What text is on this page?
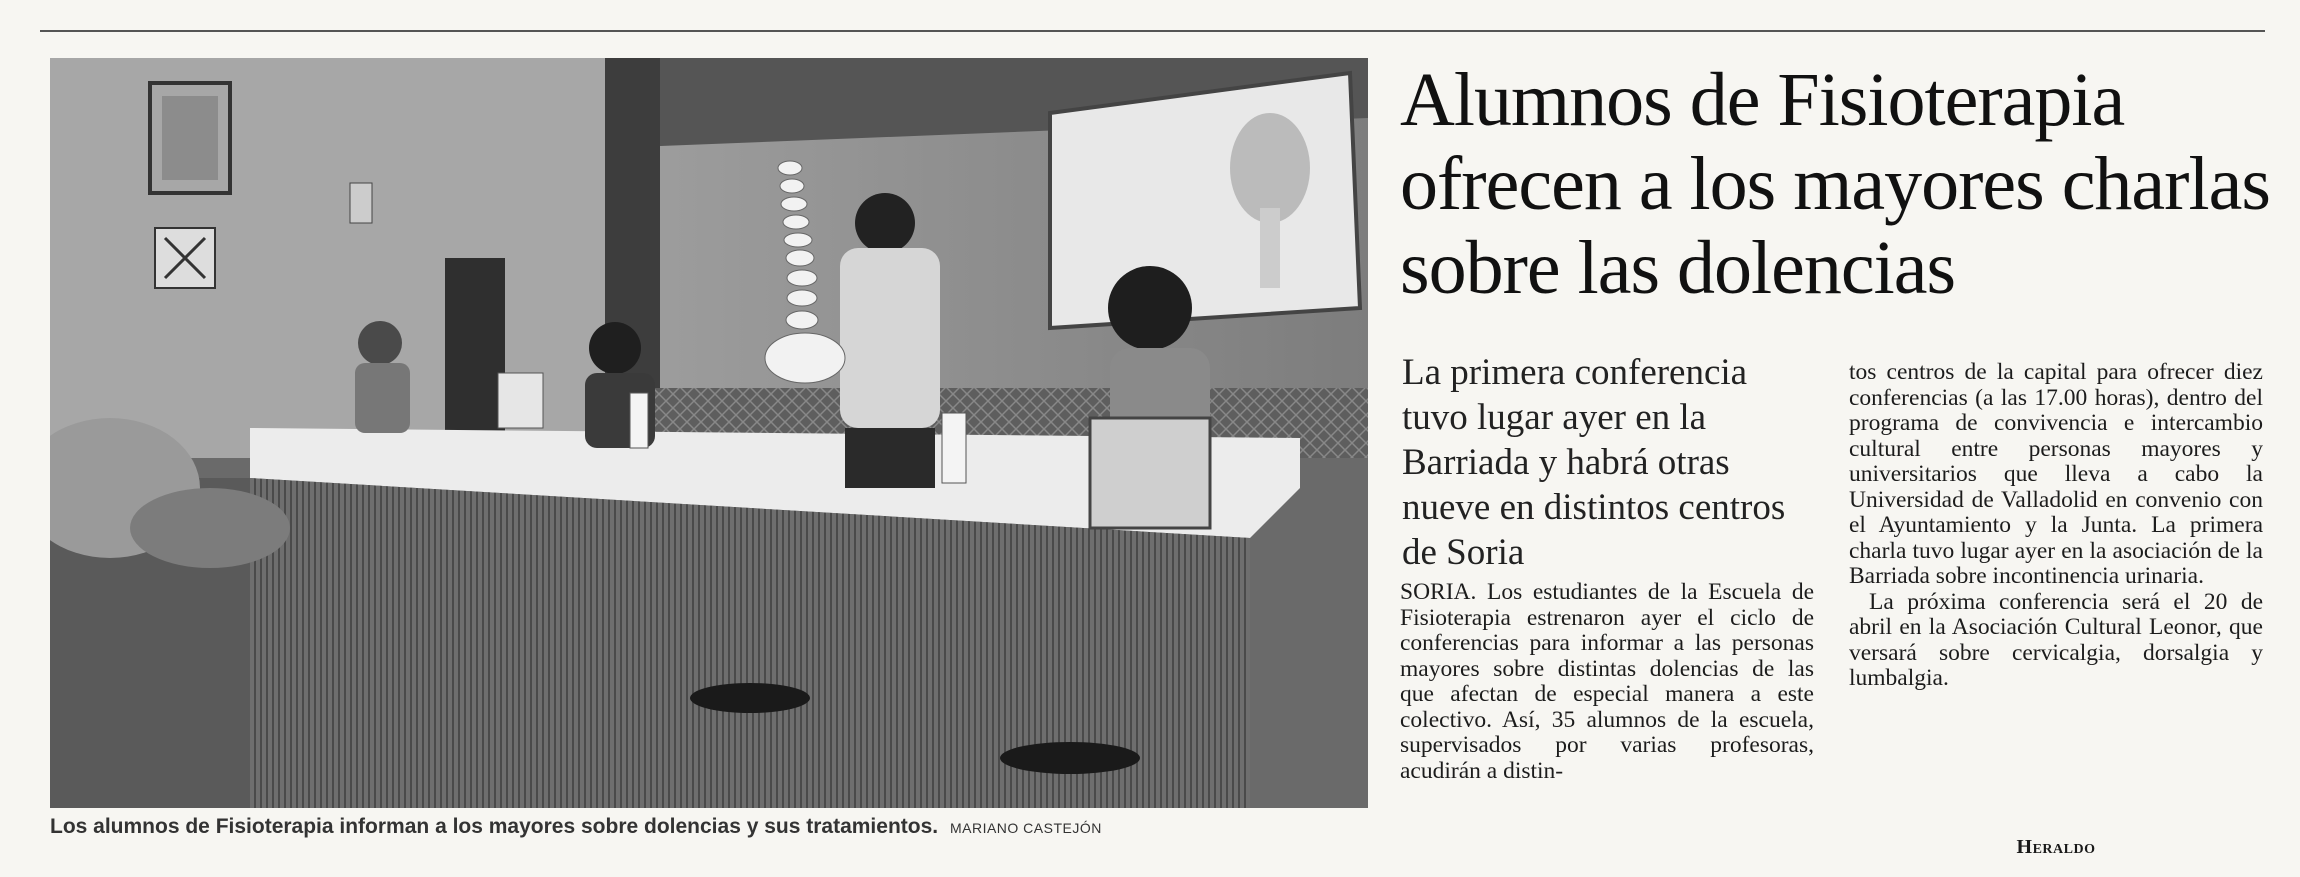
Los alumnos de Fisioterapia informan a los mayores sobre dolencias y sus tratamientos. MARIANO CASTEJÓN
Alumnos de Fisioterapia ofrecen a los mayores charlas sobre las dolencias
La primera conferencia tuvo lugar ayer en la Barriada y habrá otras nueve en distintos centros de Soria

SORIA. Los estudiantes de la Escuela de Fisioterapia estrenaron ayer el ciclo de conferencias para informar a las personas mayores sobre distintas dolencias de las que afectan de especial manera a este colectivo. Así, 35 alumnos de la escuela, supervisados por varias profesoras, acudirán a distin-

tos centros de la capital para ofrecer diez conferencias (a las 17.00 horas), dentro del programa de convivencia e intercambio cultural entre personas mayores y universitarios que lleva a cabo la Universidad de Valladolid en convenio con el Ayuntamiento y la Junta. La primera charla tuvo lugar ayer en la asociación de la Barriada sobre incontinencia urinaria.

La próxima conferencia será el 20 de abril en la Asociación Cultural Leonor, que versará sobre cervicalgia, dorsalgia y lumbalgia.

Heraldo
